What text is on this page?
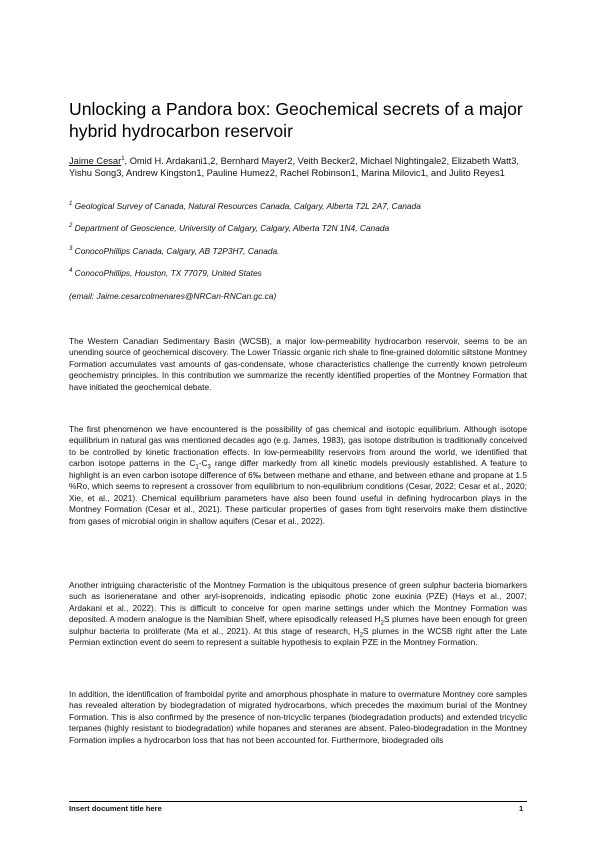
Unlocking a Pandora box: Geochemical secrets of a major hybrid hydrocarbon reservoir
Jaime Cesar$^1$, Omid H. Ardakani1,2, Bernhard Mayer2, Veith Becker2, Michael Nightingale2, Elizabeth Watt3, Yishu Song3, Andrew Kingston1, Pauline Humez2, Rachel Robinson1, Marina Milovic1, and Julito Reyes1
$^1$ Geological Survey of Canada, Natural Resources Canada, Calgary, Alberta T2L 2A7, Canada
$^2$ Department of Geoscience, University of Calgary, Calgary, Alberta T2N 1N4, Canada
$^3$ ConocoPhillips Canada, Calgary, AB T2P3H7, Canada.
$^4$ ConocoPhillips, Houston, TX 77079, United States
(email: Jaime.cesarcolmenares@NRCan-RNCan.gc.ca)

The Western Canadian Sedimentary Basin (WCSB), a major low-permeability hydrocarbon reservoir, seems to be an unending source of geochemical discovery. The Lower Triassic organic rich shale to fine-grained dolomitic siltstone Montney Formation accumulates vast amounts of gas-condensate, whose characteristics challenge the currently known petroleum geochemistry principles. In this contribution we summarize the recently identified properties of the Montney Formation that have initiated the geochemical debate.

The first phenomenon we have encountered is the possibility of gas chemical and isotopic equilibrium. Although isotope equilibrium in natural gas was mentioned decades ago (e.g. James, 1983), gas isotope distribution is traditionally conceived to be controlled by kinetic fractionation effects. In low-permeability reservoirs from around the world, we identified that carbon isotope patterns in the $C_1-C_3$ range differ markedly from all kinetic models previously established. A feature to highlight is an even carbon isotope difference of 6‰ between methane and ethane, and between ethane and propane at 1.5 %Ro, which seems to represent a crossover from equilibrium to non-equilibrium conditions (Cesar, 2022; Cesar et al., 2020; Xie, et al., 2021). Chemical equilibrium parameters have also been found useful in defining hydrocarbon plays in the Montney Formation (Cesar et al., 2021). These particular properties of gases from tight reservoirs make them distinctive from gases of microbial origin in shallow aquifers (Cesar et al., 2022).

Another intriguing characteristic of the Montney Formation is the ubiquitous presence of green sulphur bacteria biomarkers such as isorieneratane and other aryl-isoprenoids, indicating episodic photic zone euxinia (PZE) (Hays et al., 2007; Ardakani et al., 2022). This is difficult to conceive for open marine settings under which the Montney Formation was deposited. A modern analogue is the Namibian Shelf, where episodically released $H_2S$ plumes have been enough for green sulphur bacteria to proliferate (Ma et al., 2021). At this stage of research, $H_2S$ plumes in the WCSB right after the Late Permian extinction event do seem to represent a suitable hypothesis to explain PZE in the Montney Formation.

In addition, the identification of framboidal pyrite and amorphous phosphate in mature to overmature Montney core samples has revealed alteration by biodegradation of migrated hydrocarbons, which precedes the maximum burial of the Montney Formation. This is also confirmed by the presence of non-tricyclic terpanes (biodegradation products) and extended tricyclic terpanes (highly resistant to biodegradation) while hopanes and steranes are absent. Paleo-biodegradation in the Montney Formation implies a hydrocarbon loss that has not been accounted for. Furthermore, biodegraded oils

Insert document title here	1
